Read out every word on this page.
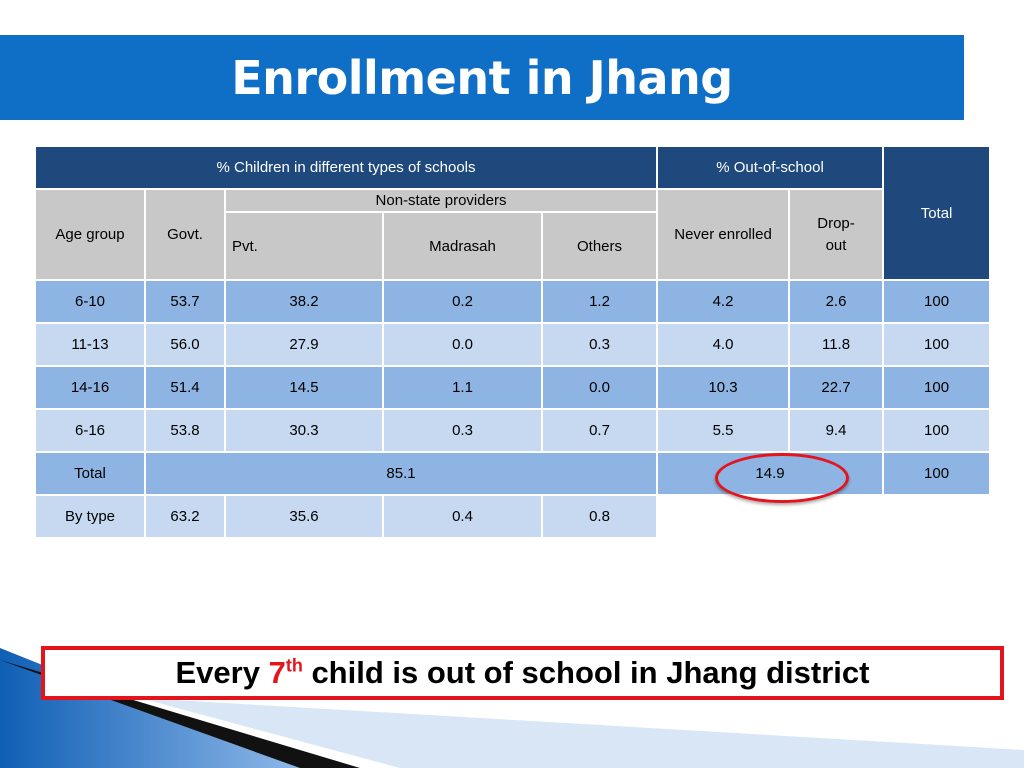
Enrollment in Jhang
% Children in different types of schools					% Out-of-school		Total
Age group	Govt.	Non-state providers			Never enrolled	Drop-out	
		Pvt.	Madrasah	Others			
6-10	53.7	38.2	0.2	1.2	4.2	2.6	100
11-13	56.0	27.9	0.0	0.3	4.0	11.8	100
14-16	51.4	14.5	1.1	0.0	10.3	22.7	100
6-16	53.8	30.3	0.3	0.7	5.5	9.4	100
Total	85.1				14.9		100
By type	63.2	35.6	0.4	0.8			
Every 7th child is out of school in Jhang district
